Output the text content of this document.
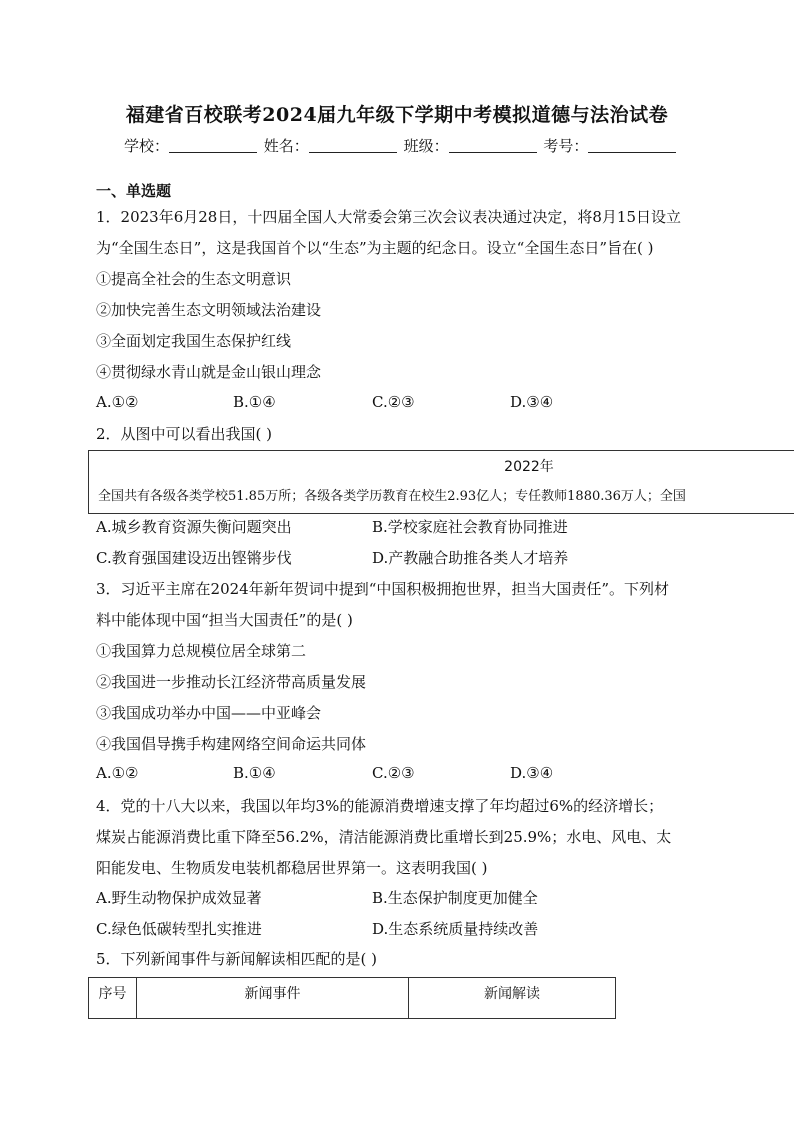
福建省百校联考2024届九年级下学期中考模拟道德与法治试卷
学校：	姓名：	班级：	考号：
一、单选题
1．2023年6月28日，十四届全国人大常委会第三次会议表决通过决定，将8月15日设立
为“全国生态日”，这是我国首个以“生态”为主题的纪念日。设立“全国生态日”旨在( )
①提高全社会的生态文明意识
②加快完善生态文明领域法治建设
③全面划定我国生态保护红线
④贯彻绿水青山就是金山银山理念
A.①②	B.①④	C.②③	D.③④
2．从图中可以看出我国( )
2022年
全国共有各级各类学校51.85万所；各级各类学历教育在校生2.93亿人；专任教师1880.36万人；全国
A.城乡教育资源失衡问题突出	B.学校家庭社会教育协同推进
C.教育强国建设迈出铿锵步伐	D.产教融合助推各类人才培养
3．习近平主席在2024年新年贺词中提到“中国积极拥抱世界，担当大国责任”。下列材
料中能体现中国“担当大国责任”的是( )
①我国算力总规模位居全球第二
②我国进一步推动长江经济带高质量发展
③我国成功举办中国——中亚峰会
④我国倡导携手构建网络空间命运共同体
A.①②	B.①④	C.②③	D.③④
4．党的十八大以来，我国以年均3%的能源消费增速支撑了年均超过6%的经济增长；
煤炭占能源消费比重下降至56.2%，清洁能源消费比重增长到25.9%；水电、风电、太
阳能发电、生物质发电装机都稳居世界第一。这表明我国( )
A.野生动物保护成效显著	B.生态保护制度更加健全
C.绿色低碳转型扎实推进	D.生态系统质量持续改善
5．下列新闻事件与新闻解读相匹配的是( )
序号	新闻事件	新闻解读
